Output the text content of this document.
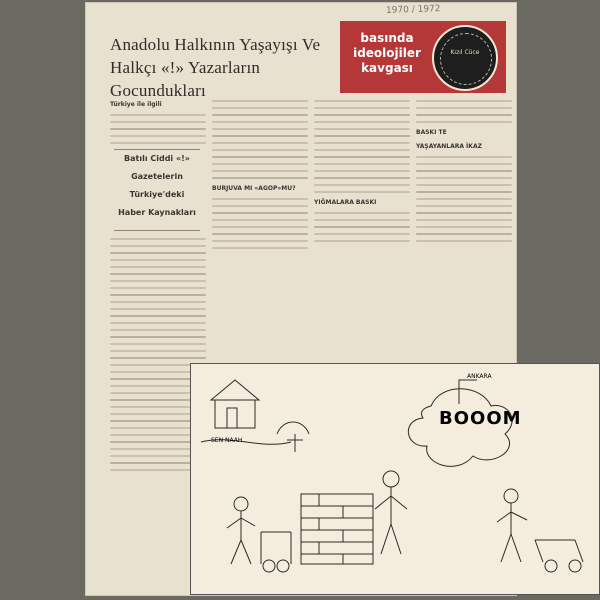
1970 / 1972
Anadolu Halkının Yaşayışı Ve
Halkçı «!» Yazarların
Gocundukları
basında
ideolojiler
kavgası
Kızıl Cüce
Batılı Ciddi «!»
Gazetelerin
Türkiye'deki
Haber Kaynakları
Türkiye ile ilgili
BURJUVA MI «AGOP»MU?
YIĞMALARA BASKI
BASKI TE
YAŞAYANLARA İKAZ
SEN NAAH
BOOOM
ANKARA
